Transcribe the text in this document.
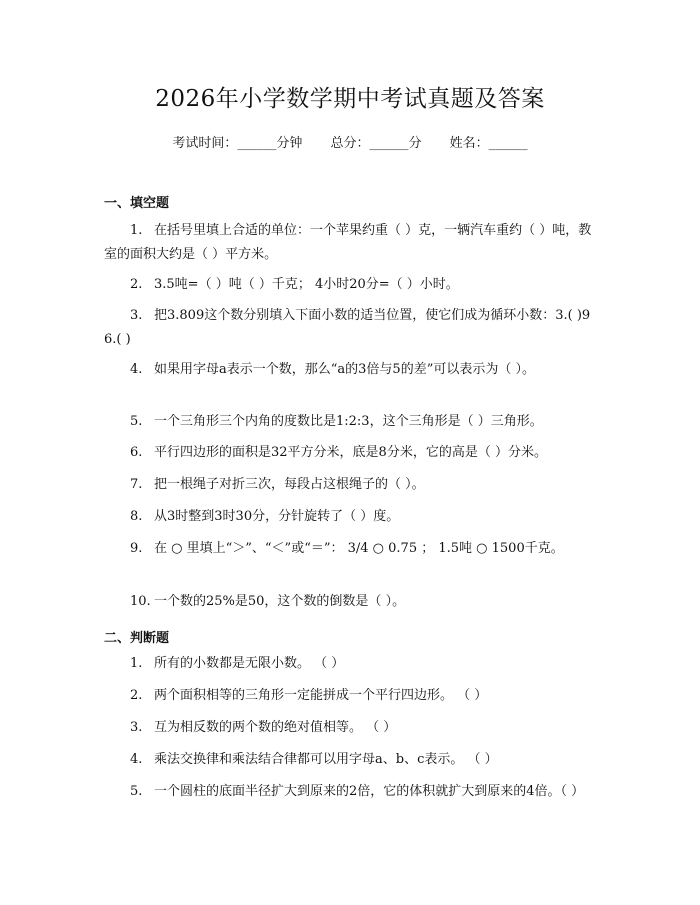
2026年小学数学期中考试真题及答案
考试时间：______分钟 总分：______分 姓名：______
一、填空题
1. 在括号里填上合适的单位：一个苹果约重（ ）克，一辆汽车重约（ ）吨，教室的面积大约是（ ）平方米。
2. 3.5吨=（ ）吨（ ）千克； 4小时20分=（ ）小时。
3. 把3.809这个数分别填入下面小数的适当位置，使它们成为循环小数：3.( )9 6.( )
4. 如果用字母a表示一个数，那么“a的3倍与5的差”可以表示为（ ）。
5. 一个三角形三个内角的度数比是1:2:3，这个三角形是（ ）三角形。
6. 平行四边形的面积是32平方分米，底是8分米，它的高是（ ）分米。
7. 把一根绳子对折三次，每段占这根绳子的（ ）。
8. 从3时整到3时30分，分针旋转了（ ）度。
9. 在 ○ 里填上“＞”、“＜”或“＝”： 3/4 ○ 0.75 ； 1.5吨 ○ 1500千克。
10. 一个数的25%是50，这个数的倒数是（ ）。
二、判断题
1. 所有的小数都是无限小数。 （ ）
2. 两个面积相等的三角形一定能拼成一个平行四边形。 （ ）
3. 互为相反数的两个数的绝对值相等。 （ ）
4. 乘法交换律和乘法结合律都可以用字母a、b、c表示。 （ ）
5. 一个圆柱的底面半径扩大到原来的2倍，它的体积就扩大到原来的4倍。（ ）
